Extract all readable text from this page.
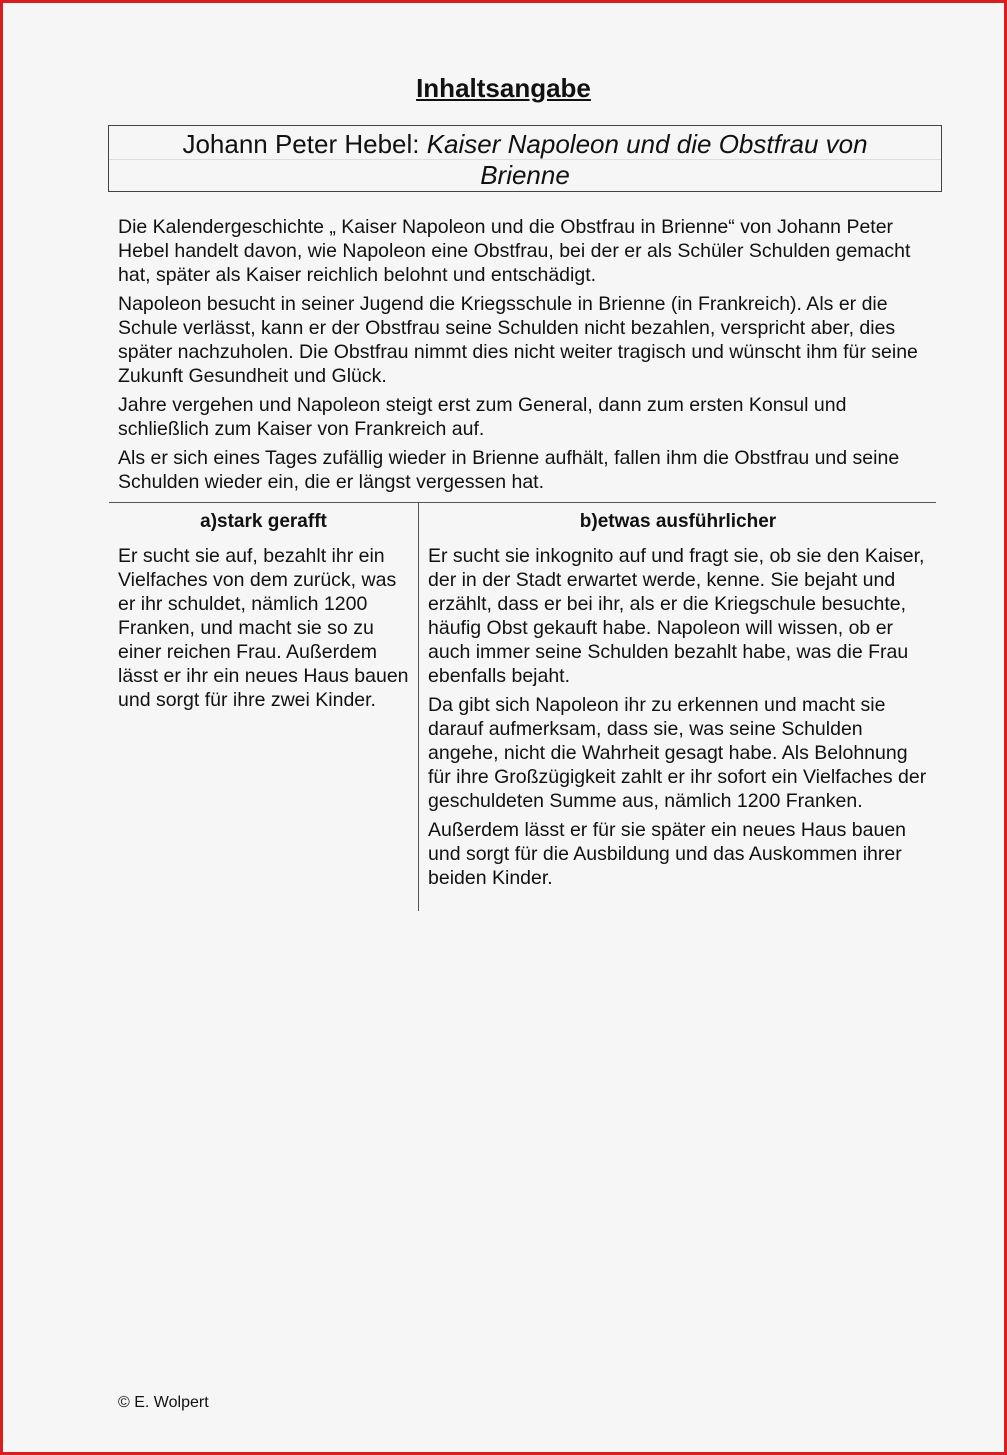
Inhaltsangabe
Johann Peter Hebel: Kaiser Napoleon und die Obstfrau von
Brienne

Die Kalendergeschichte „ Kaiser Napoleon und die Obstfrau in Brienne“ von Johann Peter Hebel handelt davon, wie Napoleon eine Obstfrau, bei der er als Schüler Schulden gemacht hat, später als Kaiser reichlich belohnt und entschädigt.

Napoleon besucht in seiner Jugend die Kriegsschule in Brienne (in Frankreich). Als er die Schule verlässt, kann er der Obstfrau seine Schulden nicht bezahlen, verspricht aber, dies später nachzuholen. Die Obstfrau nimmt dies nicht weiter tragisch und wünscht ihm für seine Zukunft Gesundheit und Glück.

Jahre vergehen und Napoleon steigt erst zum General, dann zum ersten Konsul und schließlich zum Kaiser von Frankreich auf.

Als er sich eines Tages zufällig wieder in Brienne aufhält, fallen ihm die Obstfrau und seine Schulden wieder ein, die er längst vergessen hat.

a)stark gerafft

Er sucht sie auf, bezahlt ihr ein Vielfaches von dem zurück, was er ihr schuldet, nämlich 1200 Franken, und macht sie so zu einer reichen Frau. Außerdem lässt er ihr ein neues Haus bauen und sorgt für ihre zwei Kinder.

b)etwas ausführlicher

Er sucht sie inkognito auf und fragt sie, ob sie den Kaiser, der in der Stadt erwartet werde, kenne. Sie bejaht und erzählt, dass er bei ihr, als er die Kriegschule besuchte, häufig Obst gekauft habe. Napoleon will wissen, ob er auch immer seine Schulden bezahlt habe, was die Frau ebenfalls bejaht.

Da gibt sich Napoleon ihr zu erkennen und macht sie darauf aufmerksam, dass sie, was seine Schulden angehe, nicht die Wahrheit gesagt habe. Als Belohnung für ihre Großzügigkeit zahlt er ihr sofort ein Vielfaches der geschuldeten Summe aus, nämlich 1200 Franken.

Außerdem lässt er für sie später ein neues Haus bauen und sorgt für die Ausbildung und das Auskommen ihrer beiden Kinder.

© E. Wolpert
